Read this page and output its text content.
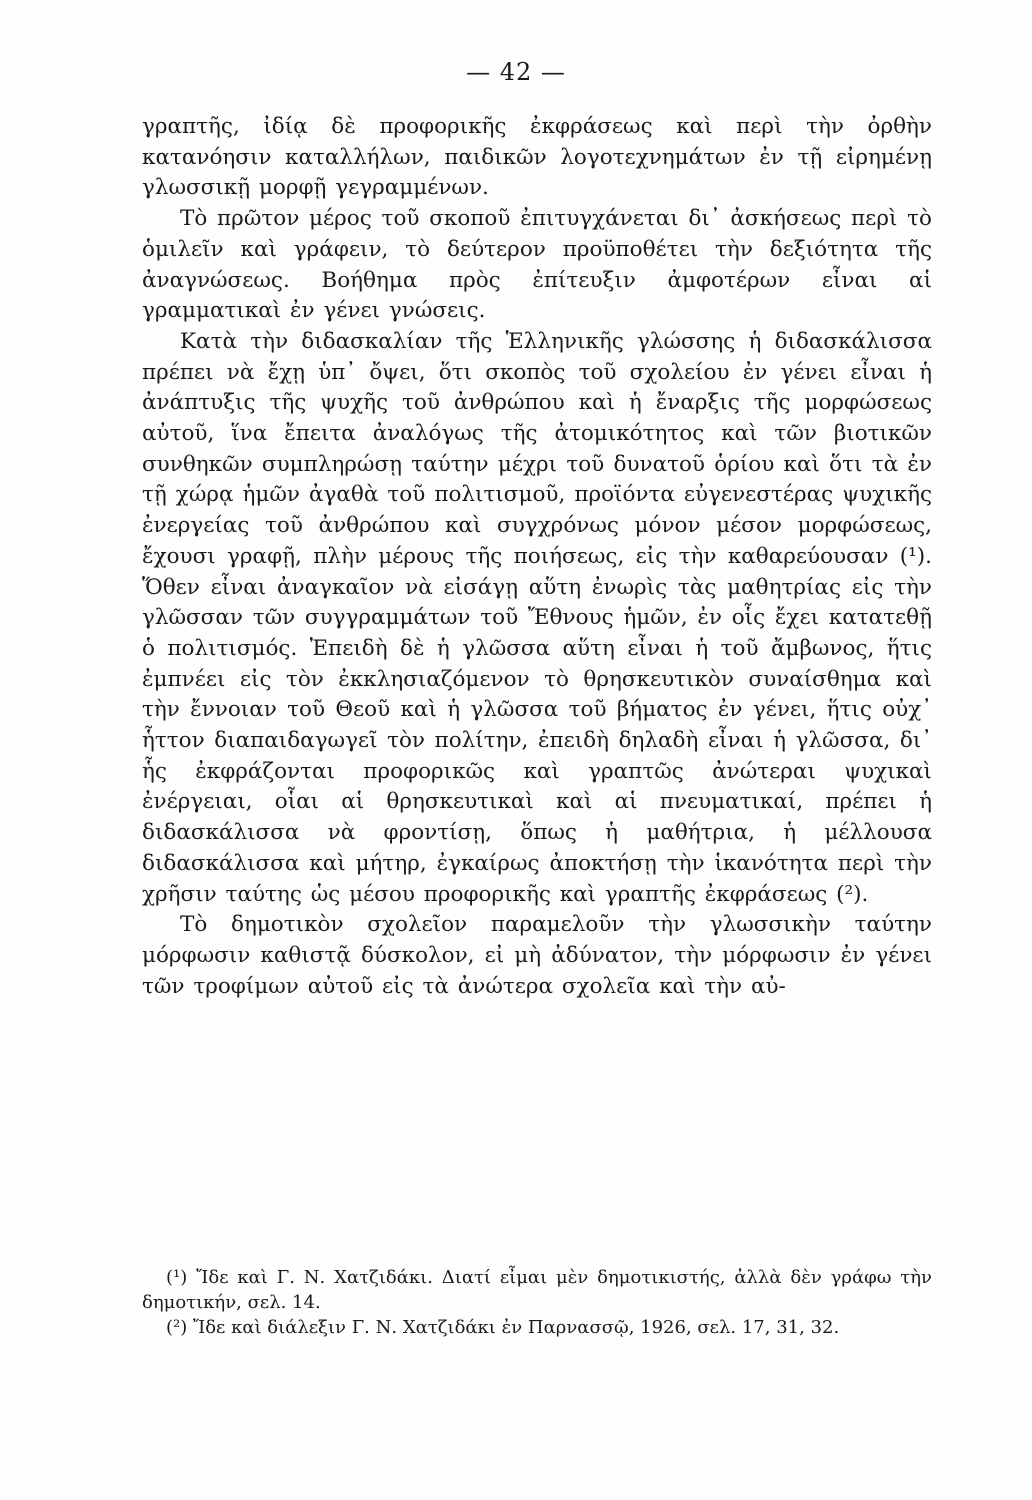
— 42 —

γραπτῆς, ἰδίᾳ δὲ προφορικῆς ἐκφράσεως καὶ περὶ τὴν ὀρθὴν κατανόησιν καταλλήλων, παιδικῶν λογοτεχνημάτων ἐν τῇ εἰρημένῃ γλωσσικῇ μορφῇ γεγραμμένων.

Τὸ πρῶτον μέρος τοῦ σκοποῦ ἐπιτυγχάνεται δι᾽ ἀσκήσεως περὶ τὸ ὁμιλεῖν καὶ γράφειν, τὸ δεύτερον προϋποθέτει τὴν δεξιότητα τῆς ἀναγνώσεως. Βοήθημα πρὸς ἐπίτευξιν ἀμφοτέρων εἶναι αἱ γραμματικαὶ ἐν γένει γνώσεις.

Κατὰ τὴν διδασκαλίαν τῆς Ἑλληνικῆς γλώσσης ἡ διδασκάλισσα πρέπει νὰ ἔχῃ ὑπ᾽ ὄψει, ὅτι σκοπὸς τοῦ σχολείου ἐν γένει εἶναι ἡ ἀνάπτυξις τῆς ψυχῆς τοῦ ἀνθρώπου καὶ ἡ ἔναρξις τῆς μορφώσεως αὐτοῦ, ἵνα ἔπειτα ἀναλόγως τῆς ἀτομικότητος καὶ τῶν βιοτικῶν συνθηκῶν συμπληρώσῃ ταύτην μέχρι τοῦ δυνατοῦ ὁρίου καὶ ὅτι τὰ ἐν τῇ χώρᾳ ἡμῶν ἀγαθὰ τοῦ πολιτισμοῦ, προϊόντα εὐγενεστέρας ψυχικῆς ἐνεργείας τοῦ ἀνθρώπου καὶ συγχρόνως μόνον μέσον μορφώσεως, ἔχουσι γραφῇ, πλὴν μέρους τῆς ποιήσεως, εἰς τὴν καθαρεύουσαν (¹). Ὅθεν εἶναι ἀναγκαῖον νὰ εἰσάγῃ αὕτη ἐνωρὶς τὰς μαθητρίας εἰς τὴν γλῶσσαν τῶν συγγραμμάτων τοῦ Ἔθνους ἡμῶν, ἐν οἷς ἔχει κατατεθῇ ὁ πολιτισμός. Ἐπειδὴ δὲ ἡ γλῶσσα αὕτη εἶναι ἡ τοῦ ἄμβωνος, ἥτις ἐμπνέει εἰς τὸν ἐκκλησιαζόμενον τὸ θρησκευτικὸν συναίσθημα καὶ τὴν ἔννοιαν τοῦ Θεοῦ καὶ ἡ γλῶσσα τοῦ βήματος ἐν γένει, ἥτις οὐχ᾽ ἧττον διαπαιδαγωγεῖ τὸν πολίτην, ἐπειδὴ δηλαδὴ εἶναι ἡ γλῶσσα, δι᾽ ἧς ἐκφράζονται προφορικῶς καὶ γραπτῶς ἀνώτεραι ψυχικαὶ ἐνέργειαι, οἷαι αἱ θρησκευτικαὶ καὶ αἱ πνευματικαί, πρέπει ἡ διδασκάλισσα νὰ φροντίσῃ, ὅπως ἡ μαθήτρια, ἡ μέλλουσα διδασκάλισσα καὶ μήτηρ, ἐγκαίρως ἀποκτήσῃ τὴν ἱκανότητα περὶ τὴν χρῆσιν ταύτης ὡς μέσου προφορικῆς καὶ γραπτῆς ἐκφράσεως (²).

Τὸ δημοτικὸν σχολεῖον παραμελοῦν τὴν γλωσσικὴν ταύτην μόρφωσιν καθιστᾷ δύσκολον, εἰ μὴ ἀδύνατον, τὴν μόρφωσιν ἐν γένει τῶν τροφίμων αὐτοῦ εἰς τὰ ἀνώτερα σχολεῖα καὶ τὴν αὐ-

(¹) Ἴδε καὶ Γ. Ν. Χατζιδάκι. Διατί εἶμαι μὲν δημοτικιστής, ἀλλὰ δὲν γράφω τὴν δημοτικήν, σελ. 14.

(²) Ἴδε καὶ διάλεξιν Γ. Ν. Χατζιδάκι ἐν Παρνασσῷ, 1926, σελ. 17, 31, 32.
